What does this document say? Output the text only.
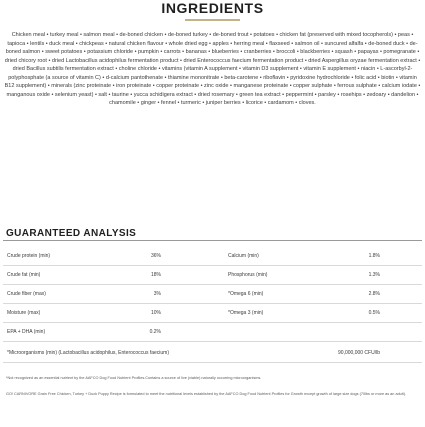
INGREDIENTS
Chicken meal • turkey meal • salmon meal • de-boned chicken • de-boned turkey • de-boned trout • potatoes • chicken fat (preserved with mixed tocopherols) • peas • tapioca • lentils • duck meal • chickpeas • natural chicken flavour • whole dried egg • apples • herring meal • flaxseed • salmon oil • suncured alfalfa • de-boned duck • de-boned salmon • sweet potatoes • potassium chloride • pumpkin • carrots • bananas • blueberries • cranberries • broccoli • blackberries • squash • papayas • pomegranate • dried chicory root • dried Lactobacillus acidophilus fermentation product • dried Enterococcus faecium fermentation product • dried Aspergillus oryzae fermentation extract • dried Bacillus subtilis fermentation extract • choline chloride • vitamins (vitamin A supplement • vitamin D3 supplement • vitamin E supplement • niacin • L-ascorbyl-2-polyphosphate (a source of vitamin C) • d-calcium pantothenate • thiamine mononitrate • beta-carotene • riboflavin • pyridoxine hydrochloride • folic acid • biotin • vitamin B12 supplement) • minerals (zinc proteinate • iron proteinate • copper proteinate • zinc oxide • manganese proteinate • copper sulphate • ferrous sulphate • calcium iodate • manganous oxide • selenium yeast) • salt • taurine • yucca schidigera extract • dried rosemary • green tea extract • peppermint • parsley • rosehips • zedoary • dandelion • chamomile • ginger • fennel • turmeric • juniper berries • licorice • cardamom • cloves.
GUARANTEED ANALYSIS
Crude protein (min)	36%	Calcium (min)	1.8%
Crude fat (min)	18%	Phosphorus (min)	1.3%
Crude fiber (max)	3%	*Omega 6 (min)	2.8%
Moisture (max)	10%	*Omega 3 (min)	0.5%
EPA + DHA (min)	0.2%
*Microorganisms (min) (Lactobacillus acidophilus, Enterococcus faecium)	90,000,000 CFU/lb
*Not recognized as an essential nutrient by the AAFCO Dog Food Nutrient Profiles.Contains a source of live (viable) naturally occurring microorganisms.
GO! CARNIVORE Grain Free Chicken, Turkey + Duck Puppy Recipe is formulated to meet the nutritional levels established by the AAFCO Dog Food Nutrient Profiles for Growth except growth of large size dogs (70lbs or more as an adult).
